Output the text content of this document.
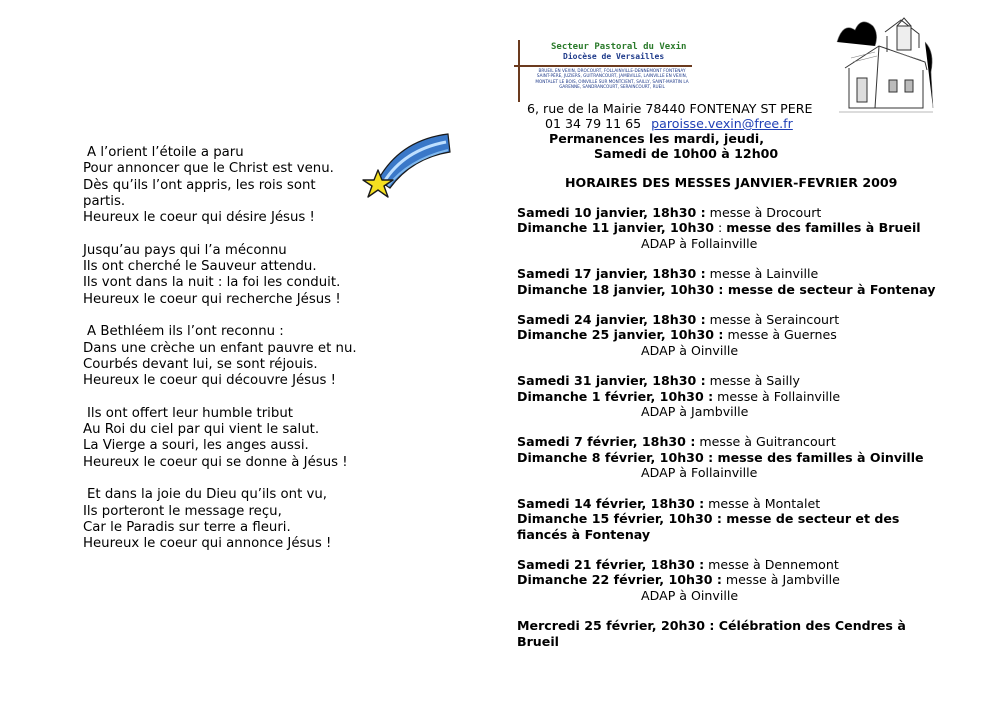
A l’orient l’étoile a paru
Pour annoncer que le Christ est venu.
Dès qu’ils l’ont appris, les rois sont
partis.
Heureux le coeur qui désire Jésus !
Jusqu’au pays qui l’a méconnu
Ils ont cherché le Sauveur attendu.
Ils vont dans la nuit : la foi les conduit.
Heureux le coeur qui recherche Jésus !
A Bethléem ils l’ont reconnu :
Dans une crèche un enfant pauvre et nu.
Courbés devant lui, se sont réjouis.
Heureux le coeur qui découvre Jésus !
Ils ont offert leur humble tribut
Au Roi du ciel par qui vient le salut.
La Vierge a souri, les anges aussi.
Heureux le coeur qui se donne à Jésus !
Et dans la joie du Dieu qu’ils ont vu,
Ils porteront le message reçu,
Car le Paradis sur terre a fleuri.
Heureux le coeur qui annonce Jésus !
Secteur Pastoral du Vexin
Diocèse de Versailles
BRUEIL EN VEXIN, DROCOURT, FOLLAINVILLE-DENNEMONT FONTENAY SAINT-PÈRE, JUZIERS, GUITRANCOURT, JAMBVILLE, LAINVILLE EN VEXIN, MONTALET LE BOIS, OINVILLE SUR MONTCIENT, SAILLY, SAINT-MARTIN LA GARENNE, SANDRANCOURT, SERAINCOURT, RUEIL
6, rue de la Mairie 78440 FONTENAY ST PERE
01 34 79 11 65 paroisse.vexin@free.fr
Permanences les mardi, jeudi,
Samedi de 10h00 à 12h00
HORAIRES DES MESSES JANVIER-FEVRIER 2009
Samedi 10 janvier, 18h30 : messe à Drocourt
Dimanche 11 janvier, 10h30 : messe des familles à Brueil
ADAP à Follainville
Samedi 17 janvier, 18h30 : messe à Lainville
Dimanche 18 janvier, 10h30 : messe de secteur à Fontenay
Samedi 24 janvier, 18h30 : messe à Seraincourt
Dimanche 25 janvier, 10h30 : messe à Guernes
ADAP à Oinville
Samedi 31 janvier, 18h30 : messe à Sailly
Dimanche 1 février, 10h30 : messe à Follainville
ADAP à Jambville
Samedi 7 février, 18h30 : messe à Guitrancourt
Dimanche 8 février, 10h30 : messe des familles à Oinville
ADAP à Follainville
Samedi 14 février, 18h30 : messe à Montalet
Dimanche 15 février, 10h30 : messe de secteur et des fiancés à Fontenay
Samedi 21 février, 18h30 : messe à Dennemont
Dimanche 22 février, 10h30 : messe à Jambville
ADAP à Oinville
Mercredi 25 février, 20h30 : Célébration des Cendres à Brueil
